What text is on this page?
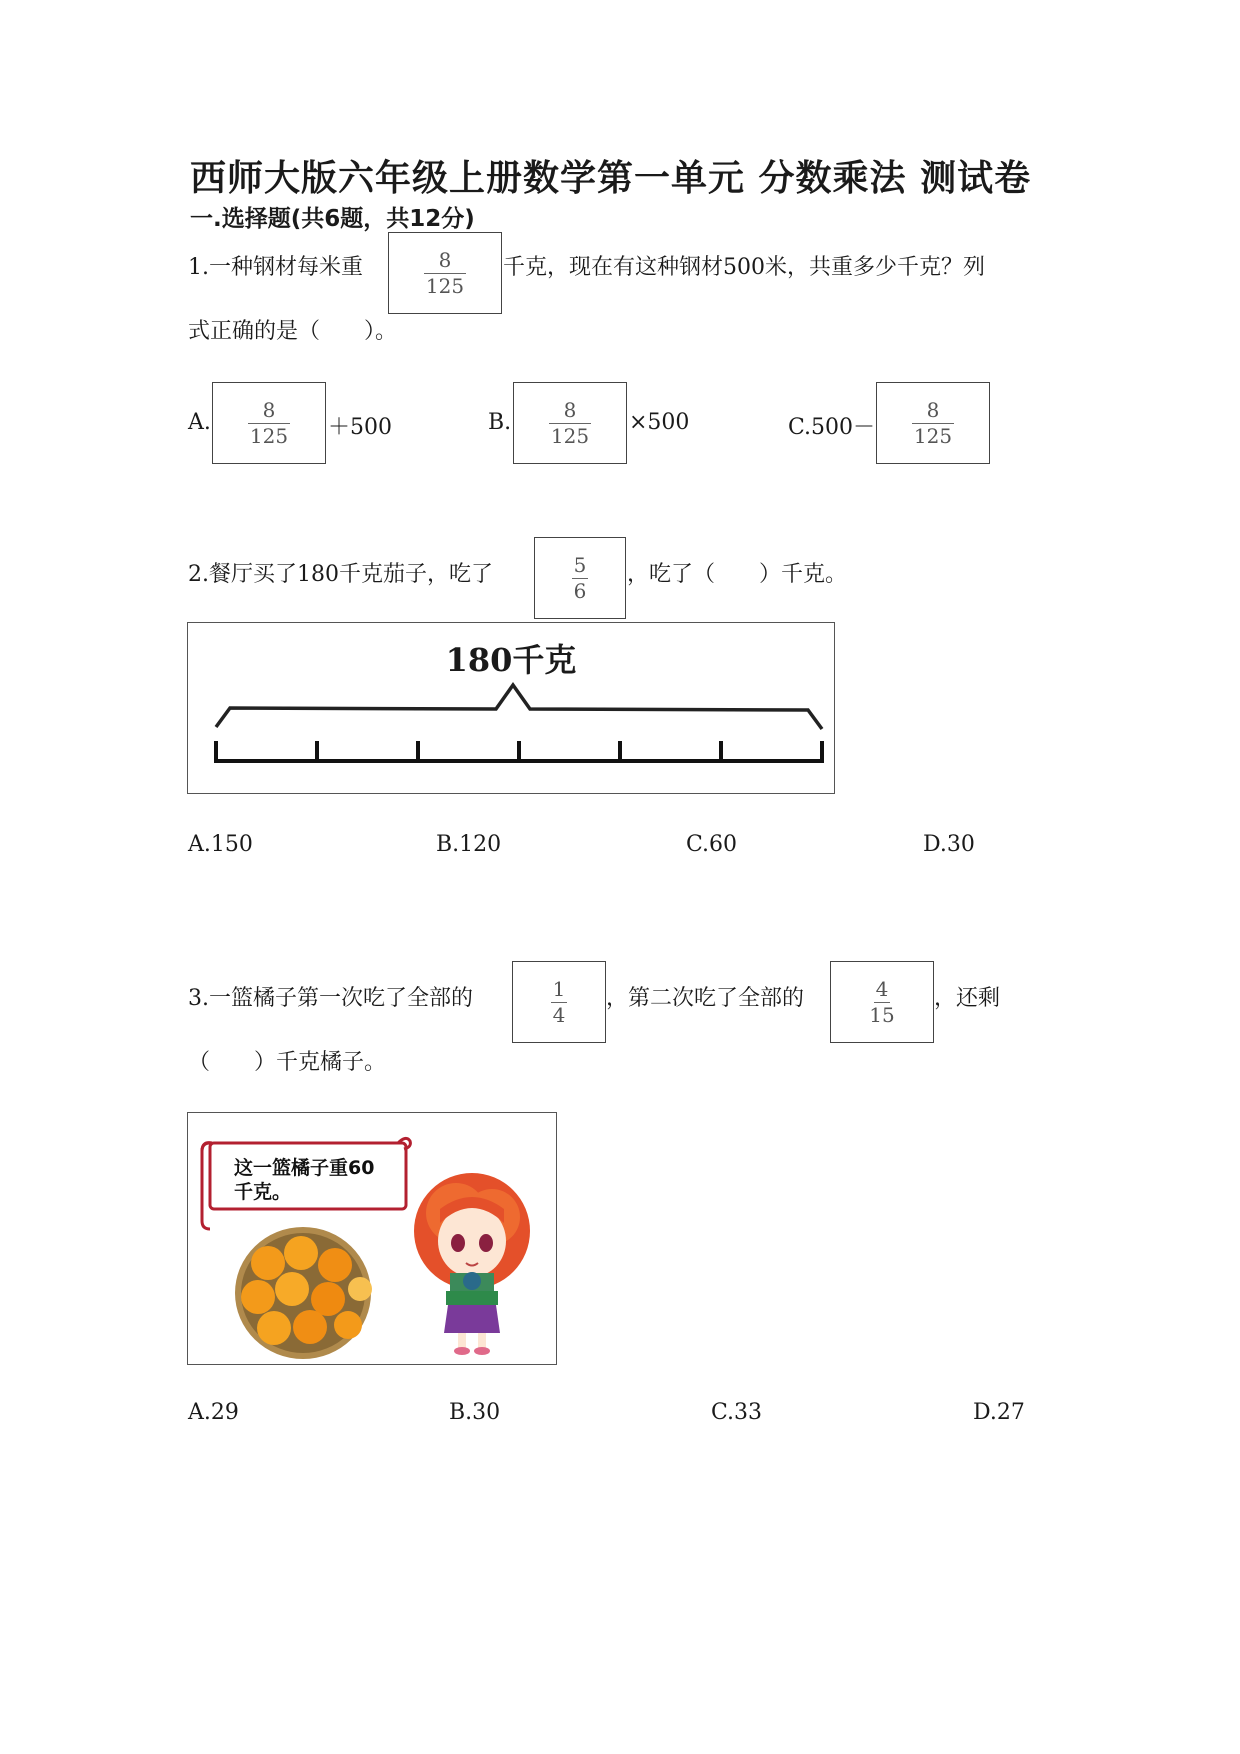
西师大版六年级上册数学第一单元 分数乘法 测试卷
一.选择题(共6题，共12分)
1.一种钢材每米重	8
125
千克，现在有这种钢材500米，共重多少千克？列
式正确的是（　　）。
A.
8
125 ＋500	B.
8
125
×500	C.500－
8
125
2.餐厅买了180千克茄子，吃了	5
6
，吃了（　　）千克。
180千克
A.150	B.120	C.60	D.30
3.一篮橘子第一次吃了全部的	1
4
，第二次吃了全部的	4
15
，还剩
（　　）千克橘子。
这一篮橘子重60
千克。
A.29	B.30	C.33	D.27
